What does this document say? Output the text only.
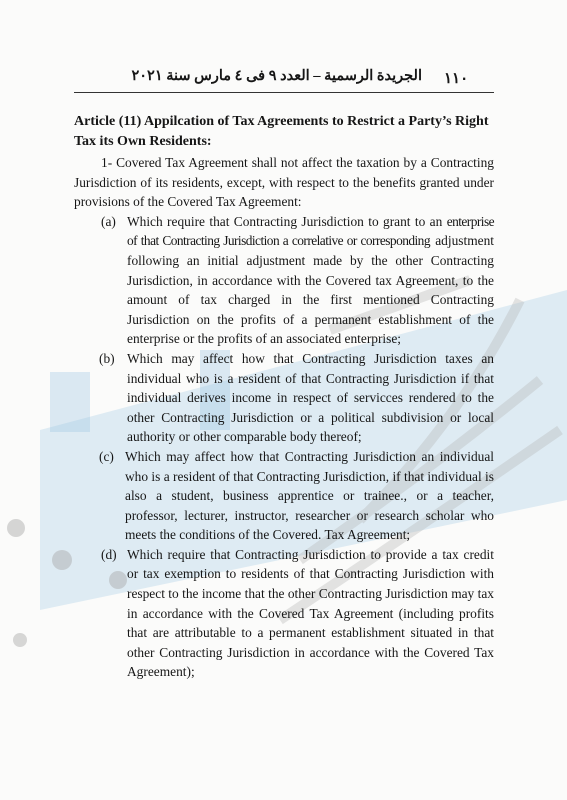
١١٠
الجريدة الرسمية – العدد ٩ فى ٤ مارس سنة ٢٠٢١

Article (11) Appilcation of Tax Agreements to Restrict a Party’s Right Tax its Own Residents:

1- Covered Tax Agreement shall not affect the taxation by a Contracting Jurisdiction of its residents, except, with respect to the benefits granted under provisions of the Covered Tax Agreement:

(a) Which require that Contracting Jurisdiction to grant to an enterprise of that Contracting Jurisdiction a correlative or corresponding adjustment following an initial adjustment made by the other Contracting Jurisdiction, in accordance with the Covered tax Agreement, to the amount of tax charged in the first mentioned Contracting Jurisdiction on the profits of a permanent establishment of the enterprise or the profits of an associated enterprise;
(b) Which may affect how that Contracting Jurisdiction taxes an individual who is a resident of that Contracting Jurisdiction if that individual derives income in respect of servicces rendered to the other Contracting Jurisdiction or a political subdivision or local authority or other comparable body thereof;
(c) Which may affect how that Contracting Jurisdiction an individual who is a resident of that Contracting Jurisdiction, if that individual is also a student, business apprentice or trainee., or a teacher, professor, lecturer, instructor, researcher or research scholar who meets the conditions of the Covered. Tax Agreement;
(d) Which require that Contracting Jurisdiction to provide a tax credit or tax exemption to residents of that Contracting Jurisdiction with respect to the income that the other Contracting Jurisdiction may tax in accordance with the Covered Tax Agreement (including profits that are attributable to a permanent establishment situated in that other Contracting Jurisdiction in accordance with the Covered Tax Agreement);
